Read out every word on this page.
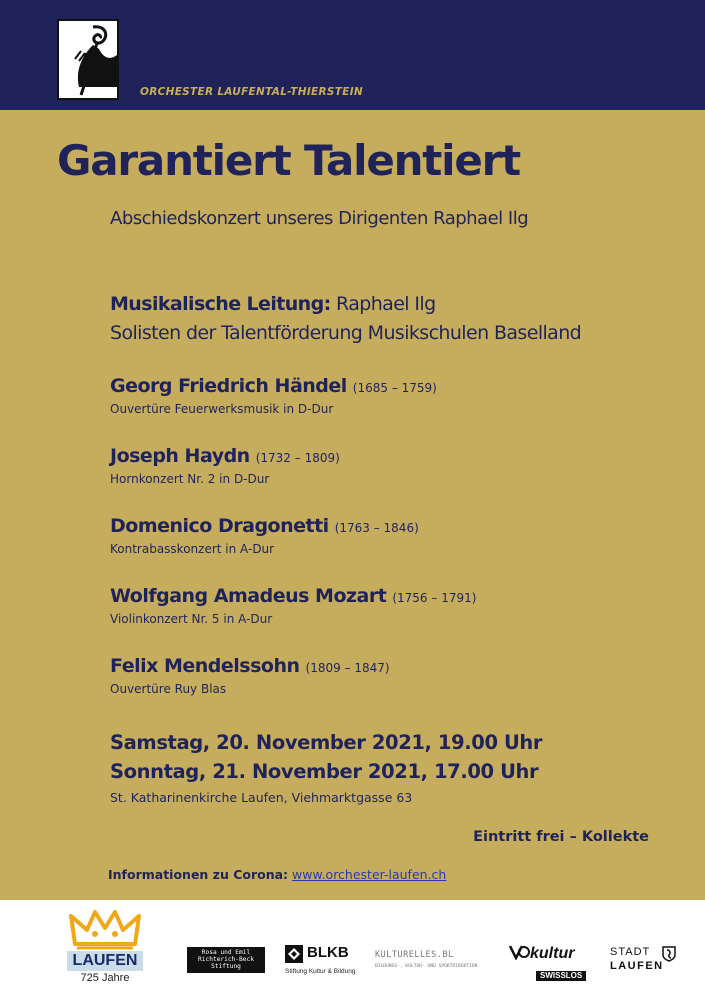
OLT	ORCHESTER LAUFENTAL-THIERSTEIN
Garantiert Talentiert
Abschiedskonzert unseres Dirigenten Raphael Ilg
Musikalische Leitung: Raphael Ilg
Solisten der Talentförderung Musikschulen Baselland
Georg Friedrich Händel (1685 – 1759)
Ouvertüre Feuerwerksmusik in D-Dur
Joseph Haydn (1732 – 1809)
Hornkonzert Nr. 2 in D-Dur
Domenico Dragonetti (1763 – 1846)
Kontrabasskonzert in A-Dur
Wolfgang Amadeus Mozart (1756 – 1791)
Violinkonzert Nr. 5 in A-Dur
Felix Mendelssohn (1809 – 1847)
Ouvertüre Ruy Blas
Samstag, 20. November 2021, 19.00 Uhr
Sonntag, 21. November 2021, 17.00 Uhr
St. Katharinenkirche Laufen, Viehmarktgasse 63
Eintritt frei – Kollekte
Informationen zu Corona: www.orchester-laufen.ch
LAUFEN
725 Jahre
Rosa und Emil
Richterich-Beck
Stiftung
BLKB
Stiftung Kultur & Bildung
KULTURELLES.BL
BILDUNGS-, KULTUR- UND SPORTDIREKTION
kultur
SWISSLOS
STADT
LAUFEN
